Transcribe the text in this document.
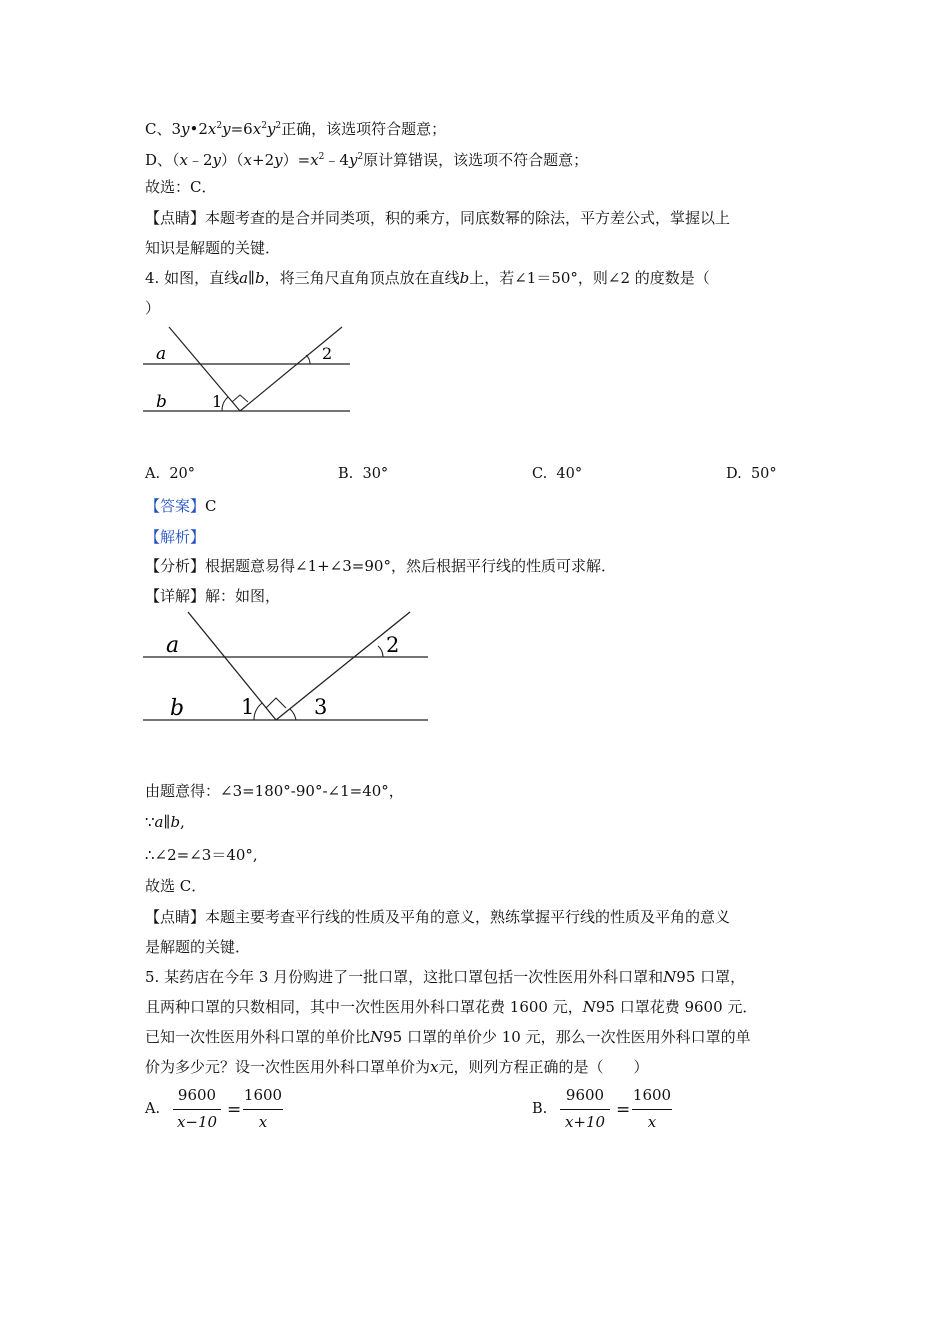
C、$3y•2x^2y=6x^2y^2$正确，该选项符合题意；
D、$(x﹣2y)(x+2y)=x^2﹣4y^2$原计算错误，该选项不符合题意；
故选：C．
【点睛】本题考查的是合并同类项，积的乘方，同底数幂的除法，平方差公式，掌握以上
知识是解题的关键．
4. 如图，直线a∥b，将三角尺直角顶点放在直线b上，若∠1＝50°，则∠2 的度数是（
）
a
b	1
2
A. 20°	B. 30°	C. 40°	D. 50°
【答案】C
【解析】
【分析】根据题意易得∠1+∠3=90°，然后根据平行线的性质可求解．
【详解】解：如图，
a
b	1
2
3
由题意得：∠3=180°-90°-∠1=40°，
∵a∥b,
∴∠2=∠3＝40°,
故选 C．
【点睛】本题主要考查平行线的性质及平角的意义，熟练掌握平行线的性质及平角的意义
是解题的关键．
5. 某药店在今年 3 月份购进了一批口罩，这批口罩包括一次性医用外科口罩和N95 口罩，
且两种口罩的只数相同，其中一次性医用外科口罩花费 1600 元，N95 口罩花费 9600 元．
已知一次性医用外科口罩的单价比N95 口罩的单价少 10 元，那么一次性医用外科口罩的单
价为多少元？设一次性医用外科口罩单价为x元，则列方程正确的是（　　）
A.
9600
x−10
=
1600
x
B.
9600
x+10
=
1600
x
